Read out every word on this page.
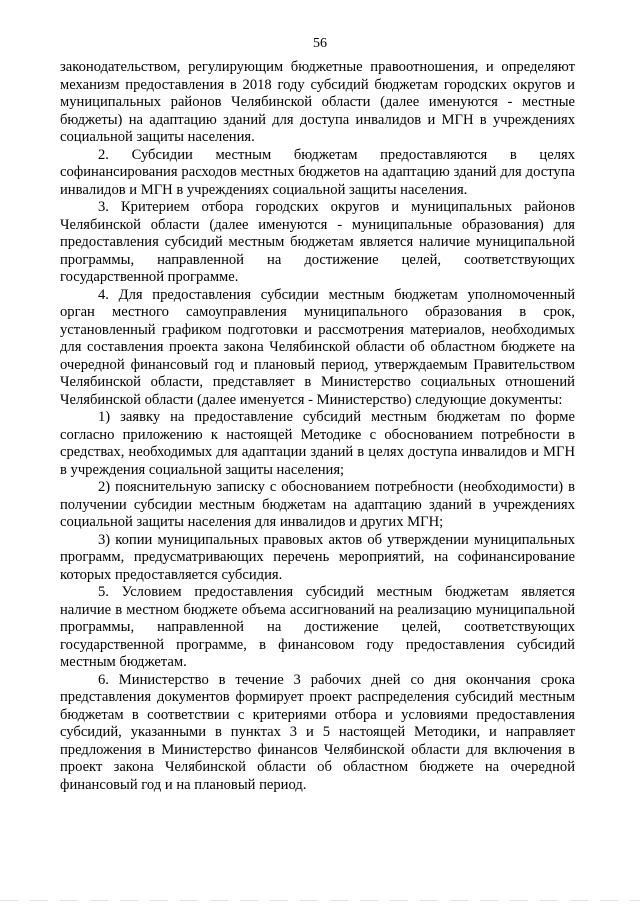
56

законодательством, регулирующим бюджетные правоотношения, и определяют механизм предоставления в 2018 году субсидий бюджетам городских округов и муниципальных районов Челябинской области (далее именуются - местные бюджеты) на адаптацию зданий для доступа инвалидов и МГН в учреждениях социальной защиты населения.

2. Субсидии местным бюджетам предоставляются в целях софинансирования расходов местных бюджетов на адаптацию зданий для доступа инвалидов и МГН в учреждениях социальной защиты населения.

3. Критерием отбора городских округов и муниципальных районов Челябинской области (далее именуются - муниципальные образования) для предоставления субсидий местным бюджетам является наличие муниципальной программы, направленной на достижение целей, соответствующих государственной программе.

4. Для предоставления субсидии местным бюджетам уполномоченный орган местного самоуправления муниципального образования в срок, установленный графиком подготовки и рассмотрения материалов, необходимых для составления проекта закона Челябинской области об областном бюджете на очередной финансовый год и плановый период, утверждаемым Правительством Челябинской области, представляет в Министерство социальных отношений Челябинской области (далее именуется - Министерство) следующие документы:

1) заявку на предоставление субсидий местным бюджетам по форме согласно приложению к настоящей Методике с обоснованием потребности в средствах, необходимых для адаптации зданий в целях доступа инвалидов и МГН в учреждения социальной защиты населения;

2) пояснительную записку с обоснованием потребности (необходимости) в получении субсидии местным бюджетам на адаптацию зданий в учреждениях социальной защиты населения для инвалидов и других МГН;

3) копии муниципальных правовых актов об утверждении муниципальных программ, предусматривающих перечень мероприятий, на софинансирование которых предоставляется субсидия.

5. Условием предоставления субсидий местным бюджетам является наличие в местном бюджете объема ассигнований на реализацию муниципальной программы, направленной на достижение целей, соответствующих государственной программе, в финансовом году предоставления субсидий местным бюджетам.

6. Министерство в течение 3 рабочих дней со дня окончания срока представления документов формирует проект распределения субсидий местным бюджетам в соответствии с критериями отбора и условиями предоставления субсидий, указанными в пунктах 3 и 5 настоящей Методики, и направляет предложения в Министерство финансов Челябинской области для включения в проект закона Челябинской области об областном бюджете на очередной финансовый год и на плановый период.
